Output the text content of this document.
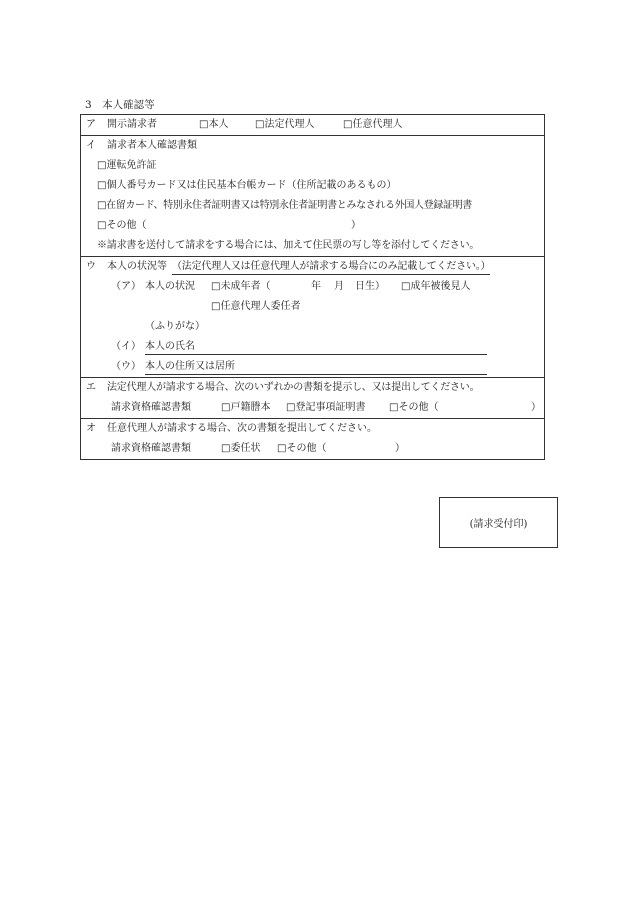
3　本人確認等
ア 開示請求者	□本人	□法定代理人	□任意代理人
イ 請求者本人確認書類
□運転免許証
□個人番号カード又は住民基本台帳カード（住所記載のあるもの）
□在留カード、特別永住者証明書又は特別永住者証明書とみなされる外国人登録証明書
□その他（	）
※請求書を送付して請求をする場合には、加えて住民票の写し等を添付してください。
ウ 本人の状況等 （法定代理人又は任意代理人が請求する場合にのみ記載してください。）
（ア） 本人の状況 □未成年者（	年 月 日生） □成年被後見人
□任意代理人委任者
（ふりがな）
（イ） 本人の氏名
（ウ） 本人の住所又は居所
エ 法定代理人が請求する場合、次のいずれかの書類を提示し、又は提出してください。
請求資格確認書類	□戸籍謄本 □登記事項証明書 □その他（	）
オ 任意代理人が請求する場合、次の書類を提出してください。
請求資格確認書類	□委任状 □その他（	）
(請求受付印)
